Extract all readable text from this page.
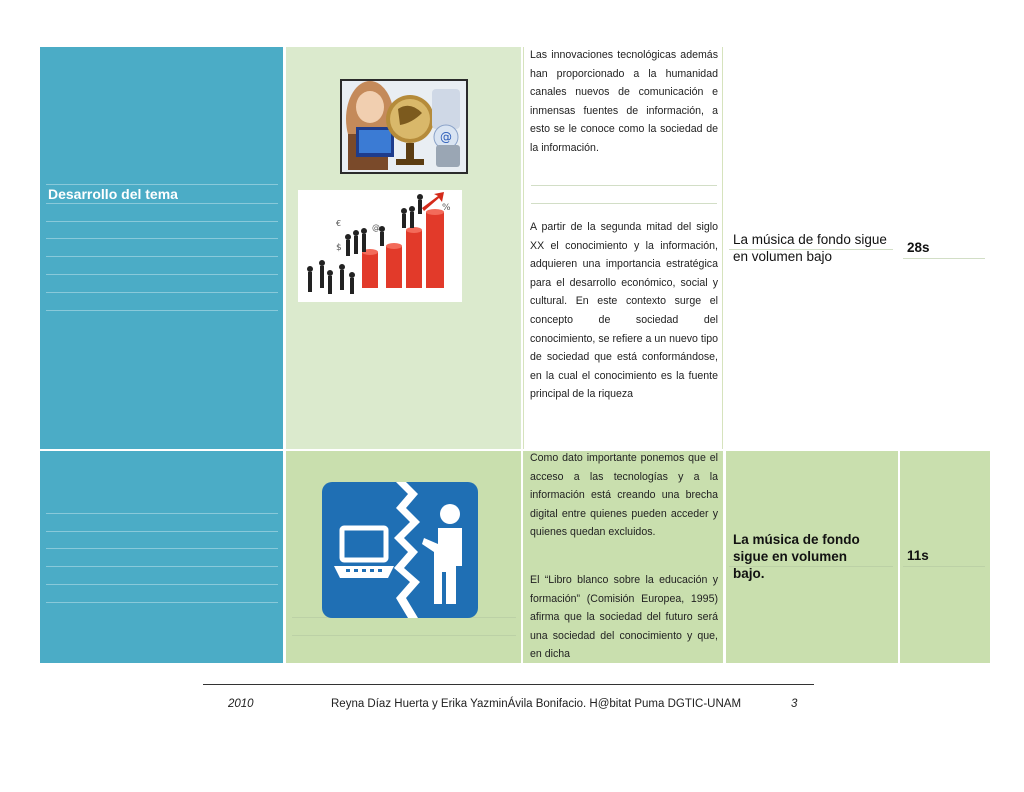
Desarrollo del tema
@
$
@
%
€

Las innovaciones tecnológicas además han proporcionado a la humanidad canales nuevos de comunicación e inmensas fuentes de información, a esto se le conoce como la sociedad de la información.

A partir de la segunda mitad del siglo XX el conocimiento y la información, adquieren una importancia estratégica para el desarrollo económico, social y cultural. En este contexto surge el concepto de sociedad del conocimiento, se refiere a un nuevo tipo de sociedad que está conformándose, en la cual el conocimiento es la fuente principal de la riqueza

La música de fondo sigue en volumen bajo
28s

Como dato importante ponemos que el acceso a las tecnologías y a la información está creando una brecha digital entre quienes pueden acceder y quienes quedan excluidos.

El “Libro blanco sobre la educación y formación” (Comisión Europea, 1995) afirma que la sociedad del futuro será una sociedad del conocimiento y que, en dicha

La música de fondo sigue en volumen bajo.
11s
2010	Reyna Díaz Huerta y Erika YazminÁvila Bonifacio. H@bitat Puma DGTIC-UNAM	3
